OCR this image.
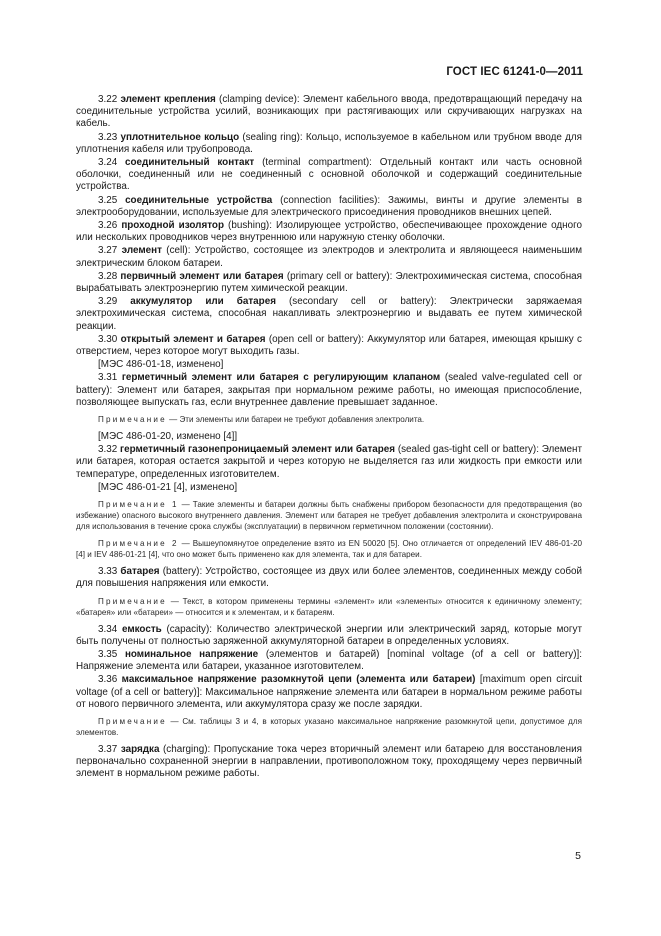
ГОСТ IEC 61241-0—2011

3.22 элемент крепления (clamping device): Элемент кабельного ввода, предотвращающий передачу на соединительные устройства усилий, возникающих при растягивающих или скручивающих нагрузках на кабель.

3.23 уплотнительное кольцо (sealing ring): Кольцо, используемое в кабельном или трубном вводе для уплотнения кабеля или трубопровода.

3.24 соединительный контакт (terminal compartment): Отдельный контакт или часть основной оболочки, соединенный или не соединенный с основной оболочкой и содержащий соединительные устройства.

3.25 соединительные устройства (connection facilities): Зажимы, винты и другие элементы в электрооборудовании, используемые для электрического присоединения проводников внешних цепей.

3.26 проходной изолятор (bushing): Изолирующее устройство, обеспечивающее прохождение одного или нескольких проводников через внутреннюю или наружную стенку оболочки.

3.27 элемент (cell): Устройство, состоящее из электродов и электролита и являющееся наименьшим электрическим блоком батареи.

3.28 первичный элемент или батарея (primary cell or battery): Электрохимическая система, способная вырабатывать электроэнергию путем химической реакции.

3.29 аккумулятор или батарея (secondary cell or battery): Электрически заряжаемая электрохимическая система, способная накапливать электроэнергию и выдавать ее путем химической реакции.

3.30 открытый элемент и батарея (open cell or battery): Аккумулятор или батарея, имеющая крышку с отверстием, через которое могут выходить газы.

[МЭС 486-01-18, изменено]

3.31 герметичный элемент или батарея с регулирующим клапаном (sealed valve-regulated cell or battery): Элемент или батарея, закрытая при нормальном режиме работы, но имеющая приспособление, позволяющее выпускать газ, если внутреннее давление превышает заданное.

Примечание — Эти элементы или батареи не требуют добавления электролита.

[МЭС 486-01-20, изменено [4]]

3.32 герметичный газонепроницаемый элемент или батарея (sealed gas-tight cell or battery): Элемент или батарея, которая остается закрытой и через которую не выделяется газ или жидкость при емкости или температуре, определенных изготовителем.

[МЭС 486-01-21 [4], изменено]

Примечание 1 — Такие элементы и батареи должны быть снабжены прибором безопасности для предотвращения (во избежание) опасного высокого внутреннего давления. Элемент или батарея не требует добавления электролита и сконструирована для использования в течение срока службы (эксплуатации) в первичном герметичном положении (состоянии).

Примечание 2 — Вышеупомянутое определение взято из EN 50020 [5]. Оно отличается от определений IEV 486-01-20 [4] и IEV 486-01-21 [4], что оно может быть применено как для элемента, так и для батареи.

3.33 батарея (battery): Устройство, состоящее из двух или более элементов, соединенных между собой для повышения напряжения или емкости.

Примечание — Текст, в котором применены термины «элемент» или «элементы» относится к единичному элементу; «батарея» или «батареи» — относится и к элементам, и к батареям.

3.34 емкость (capacity): Количество электрической энергии или электрический заряд, которые могут быть получены от полностью заряженной аккумуляторной батареи в определенных условиях.

3.35 номинальное напряжение (элементов и батарей) [nominal voltage (of a cell or battery)]: Напряжение элемента или батареи, указанное изготовителем.

3.36 максимальное напряжение разомкнутой цепи (элемента или батареи) [maximum open circuit voltage (of a cell or battery)]: Максимальное напряжение элемента или батареи в нормальном режиме работы от нового первичного элемента, или аккумулятора сразу же после зарядки.

Примечание — См. таблицы 3 и 4, в которых указано максимальное напряжение разомкнутой цепи, допустимое для элементов.

3.37 зарядка (charging): Пропускание тока через вторичный элемент или батарею для восстановления первоначально сохраненной энергии в направлении, противоположном току, проходящему через первичный элемент в нормальном режиме работы.

5
